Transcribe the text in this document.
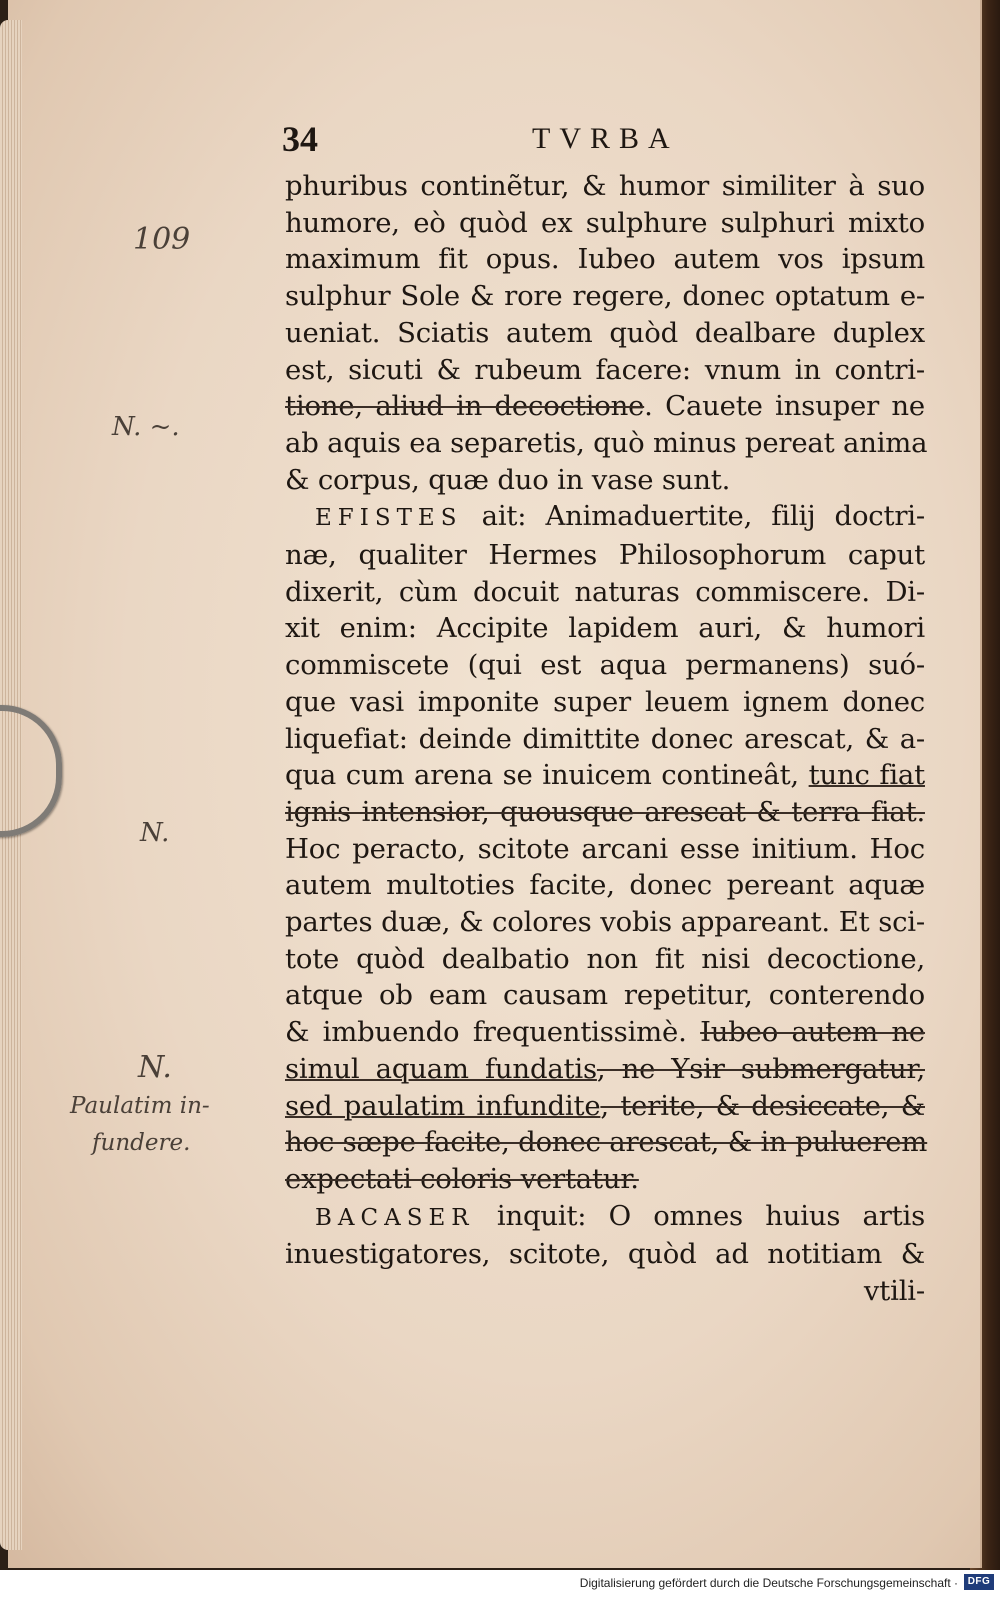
34	TVRBA
109
N. ~.
N.
N.
Paulatim in-
fundere.
phuribus continẽtur, & humor similiter à suo
humore, eò quòd ex sulphure sulphuri mixto
maximum fit opus. Iubeo autem vos ipsum
sulphur Sole & rore regere, donec optatum e-
ueniat. Sciatis autem quòd dealbare duplex
est, sicuti & rubeum facere: vnum in contri-
tione, aliud in decoctione. Cauete insuper ne
ab aquis ea separetis, quò minus pereat anima
& corpus, quæ duo in vase sunt.
EFISTES ait: Animaduertite, filij doctri-
næ, qualiter Hermes Philosophorum caput
dixerit, cùm docuit naturas commiscere. Di-
xit enim: Accipite lapidem auri, & humori
commiscete (qui est aqua permanens) suó-
que vasi imponite super leuem ignem donec
liquefiat: deinde dimittite donec arescat, & a-
qua cum arena se inuicem contineât, tunc fiat
ignis intensior, quousque arescat & terra fiat.
Hoc peracto, scitote arcani esse initium. Hoc
autem multoties facite, donec pereant aquæ
partes duæ, & colores vobis appareant. Et sci-
tote quòd dealbatio non fit nisi decoctione,
atque ob eam causam repetitur, conterendo
& imbuendo frequentissimè. Iubeo autem ne
simul aquam fundatis, ne Ysir submergatur,
sed paulatim infundite, terite, & desiccate, &
hoc sæpe facite, donec arescat, & in puluerem
expectati coloris vertatur.
BACASER inquit: O omnes huius artis
inuestigatores, scitote, quòd ad notitiam &
vtili-
Digitalisierung gefördert durch die Deutsche Forschungsgemeinschaft · DFG
